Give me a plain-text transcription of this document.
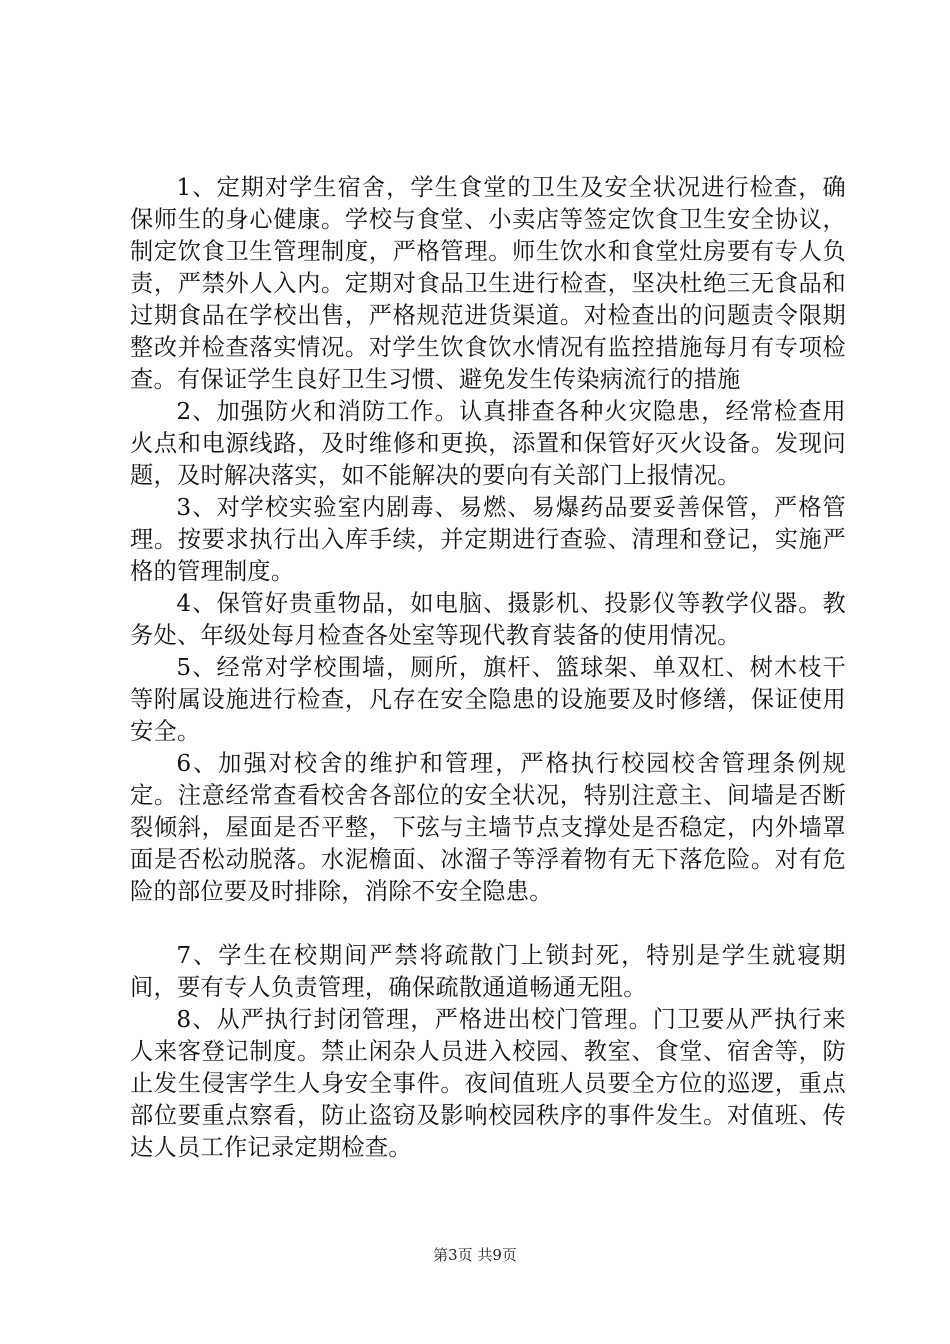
1、定期对学生宿舍，学生食堂的卫生及安全状况进行检查，确保师生的身心健康。学校与食堂、小卖店等签定饮食卫生安全协议，制定饮食卫生管理制度，严格管理。师生饮水和食堂灶房要有专人负责，严禁外人入内。定期对食品卫生进行检查，坚决杜绝三无食品和过期食品在学校出售，严格规范进货渠道。对检查出的问题责令限期整改并检查落实情况。对学生饮食饮水情况有监控措施每月有专项检查。有保证学生良好卫生习惯、避免发生传染病流行的措施

2、加强防火和消防工作。认真排查各种火灾隐患，经常检查用火点和电源线路，及时维修和更换，添置和保管好灭火设备。发现问题，及时解决落实，如不能解决的要向有关部门上报情况。

3、对学校实验室内剧毒、易燃、易爆药品要妥善保管，严格管理。按要求执行出入库手续，并定期进行查验、清理和登记，实施严格的管理制度。

4、保管好贵重物品，如电脑、摄影机、投影仪等教学仪器。教务处、年级处每月检查各处室等现代教育装备的使用情况。

5、经常对学校围墙，厕所，旗杆、篮球架、单双杠、树木枝干等附属设施进行检查，凡存在安全隐患的设施要及时修缮，保证使用安全。

6、加强对校舍的维护和管理，严格执行校园校舍管理条例规定。注意经常查看校舍各部位的安全状况，特别注意主、间墙是否断裂倾斜，屋面是否平整，下弦与主墙节点支撑处是否稳定，内外墙罩面是否松动脱落。水泥檐面、冰溜子等浮着物有无下落危险。对有危险的部位要及时排除，消除不安全隐患。

7、学生在校期间严禁将疏散门上锁封死，特别是学生就寝期间，要有专人负责管理，确保疏散通道畅通无阻。

8、从严执行封闭管理，严格进出校门管理。门卫要从严执行来人来客登记制度。禁止闲杂人员进入校园、教室、食堂、宿舍等，防止发生侵害学生人身安全事件。夜间值班人员要全方位的巡逻，重点部位要重点察看，防止盗窃及影响校园秩序的事件发生。对值班、传达人员工作记录定期检查。

第3页 共9页
